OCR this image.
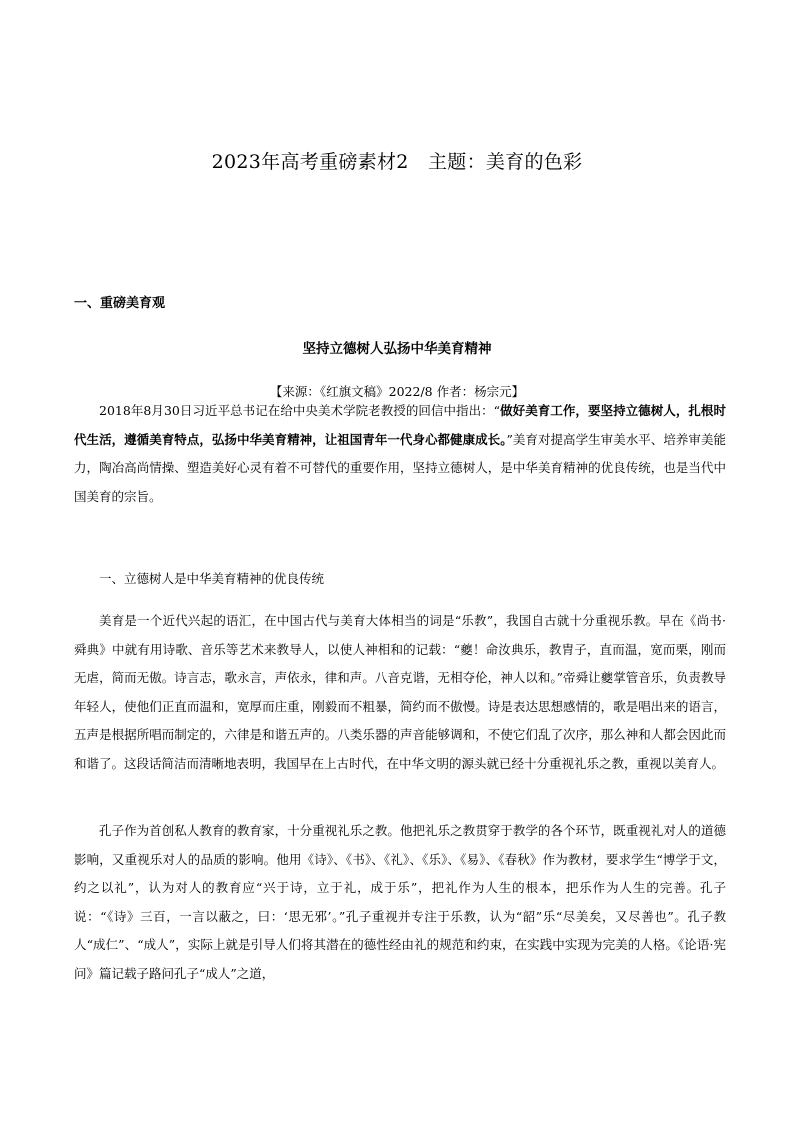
2023年高考重磅素材2　主题：美育的色彩
一、重磅美育观
坚持立德树人弘扬中华美育精神
【来源：《红旗文稿》2022/8 作者：杨宗元】
2018年8月30日习近平总书记在给中央美术学院老教授的回信中指出：“做好美育工作，要坚持立德树人，扎根时代生活，遵循美育特点，弘扬中华美育精神，让祖国青年一代身心都健康成长。”美育对提高学生审美水平、培养审美能力，陶冶高尚情操、塑造美好心灵有着不可替代的重要作用，坚持立德树人，是中华美育精神的优良传统，也是当代中国美育的宗旨。
一、立德树人是中华美育精神的优良传统
美育是一个近代兴起的语汇，在中国古代与美育大体相当的词是“乐教”，我国自古就十分重视乐教。早在《尚书·舜典》中就有用诗歌、音乐等艺术来教导人，以使人神相和的记载：“夔！命汝典乐，教胄子，直而温，宽而栗，刚而无虐，简而无傲。诗言志，歌永言，声依永，律和声。八音克谐，无相夺伦，神人以和。”帝舜让夔掌管音乐，负责教导年轻人，使他们正直而温和，宽厚而庄重，刚毅而不粗暴，简约而不傲慢。诗是表达思想感情的，歌是唱出来的语言，五声是根据所唱而制定的，六律是和谐五声的。八类乐器的声音能够调和，不使它们乱了次序，那么神和人都会因此而和谐了。这段话简洁而清晰地表明，我国早在上古时代，在中华文明的源头就已经十分重视礼乐之教，重视以美育人。
孔子作为首创私人教育的教育家，十分重视礼乐之教。他把礼乐之教贯穿于教学的各个环节，既重视礼对人的道德影响，又重视乐对人的品质的影响。他用《诗》、《书》、《礼》、《乐》、《易》、《春秋》作为教材，要求学生“博学于文，约之以礼”，认为对人的教育应“兴于诗，立于礼，成于乐”，把礼作为人生的根本，把乐作为人生的完善。孔子说：“《诗》三百，一言以蔽之，曰：‘思无邪’。”孔子重视并专注于乐教，认为“韶”乐“尽美矣，又尽善也”。孔子教人“成仁”、“成人”，实际上就是引导人们将其潜在的德性经由礼的规范和约束，在实践中实现为完美的人格。《论语·宪问》篇记载子路问孔子“成人”之道，
